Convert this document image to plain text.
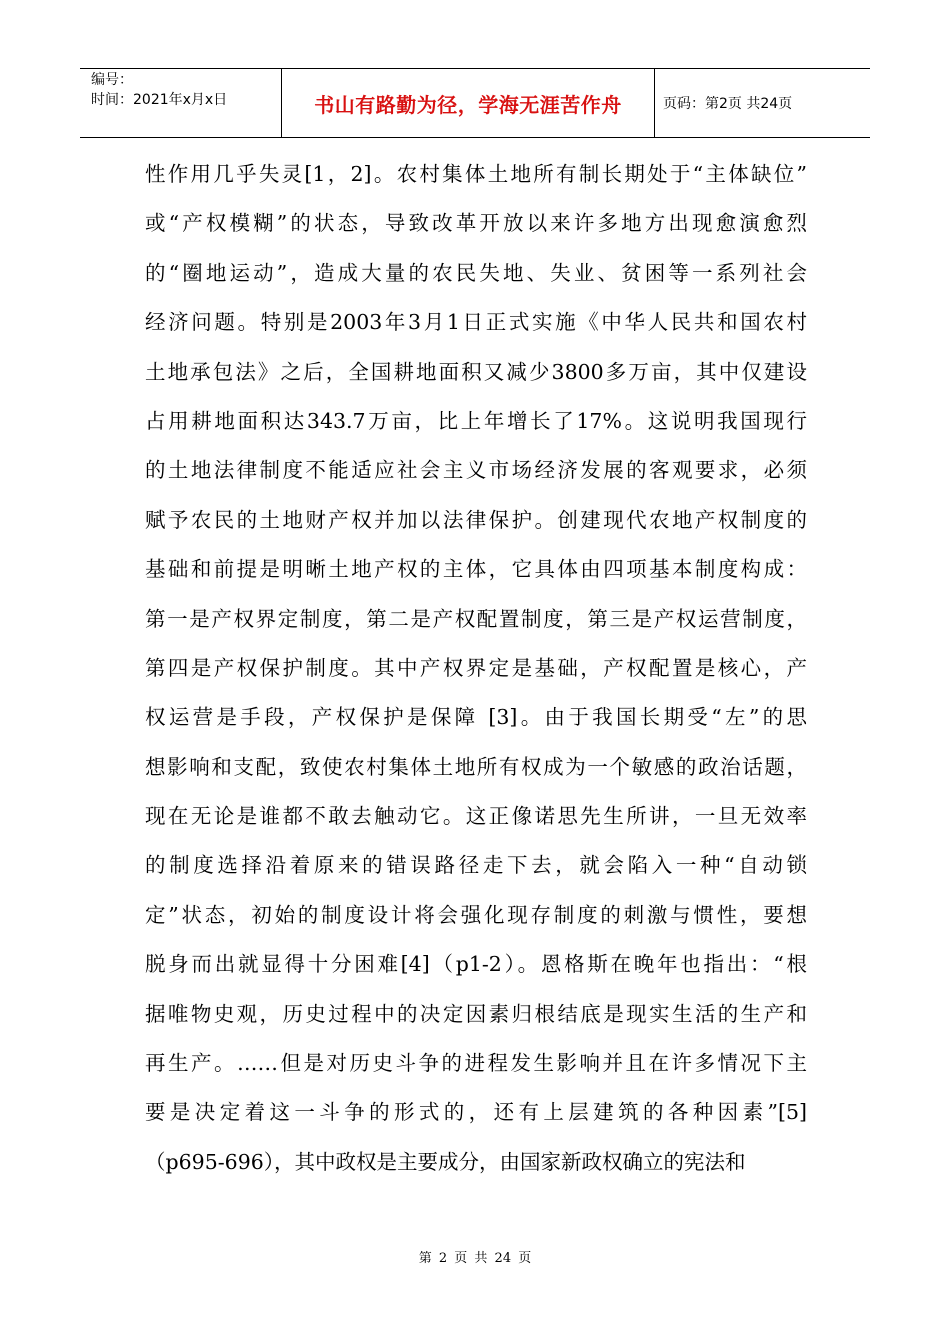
编号：
时间：2021年x月x日	书山有路勤为径，学海无涯苦作舟	页码：第2页 共24页
性作用几乎失灵[1，2]。农村集体土地所有制长期处于“主体缺位”
或“产权模糊”的状态，导致改革开放以来许多地方出现愈演愈烈
的“圈地运动”，造成大量的农民失地、失业、贫困等一系列社会
经济问题。特别是2003年3月1日正式实施《中华人民共和国农村
土地承包法》之后，全国耕地面积又减少3800多万亩，其中仅建设
占用耕地面积达343.7万亩，比上年增长了17%。这说明我国现行
的土地法律制度不能适应社会主义市场经济发展的客观要求，必须
赋予农民的土地财产权并加以法律保护。创建现代农地产权制度的
基础和前提是明晰土地产权的主体，它具体由四项基本制度构成：
第一是产权界定制度，第二是产权配置制度，第三是产权运营制度，
第四是产权保护制度。其中产权界定是基础，产权配置是核心，产
权运营是手段，产权保护是保障 [3]。由于我国长期受“左”的思
想影响和支配，致使农村集体土地所有权成为一个敏感的政治话题，
现在无论是谁都不敢去触动它。这正像诺思先生所讲，一旦无效率
的制度选择沿着原来的错误路径走下去，就会陷入一种“自动锁
定”状态，初始的制度设计将会强化现存制度的刺激与惯性，要想
脱身而出就显得十分困难[4]（p1-2）。恩格斯在晚年也指出：“根
据唯物史观，历史过程中的决定因素归根结底是现实生活的生产和
再生产。……但是对历史斗争的进程发生影响并且在许多情况下主
要是决定着这一斗争的形式的，还有上层建筑的各种因素”[5]
（p695-696），其中政权是主要成分，由国家新政权确立的宪法和
第 2 页 共 24 页
